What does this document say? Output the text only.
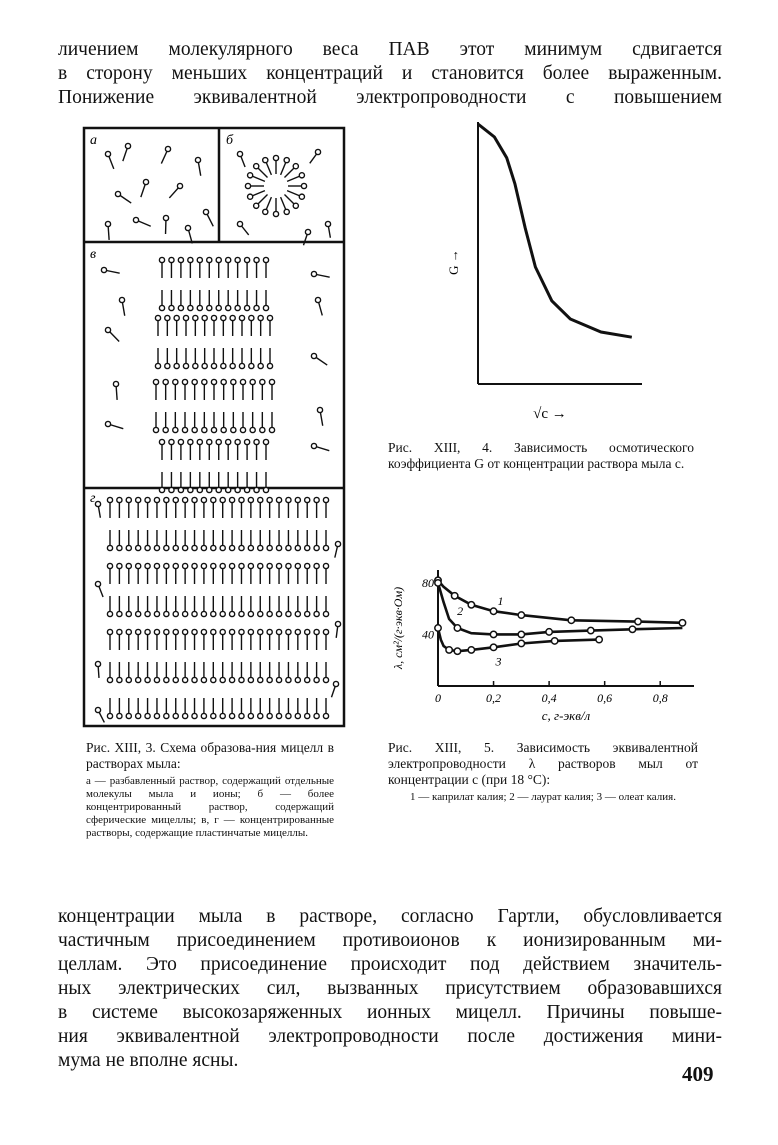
личением молекулярного веса ПАВ этот минимум сдвигается
в сторону меньших концентраций и становится более выраженным.
Понижение эквивалентной электропроводности с повышением
а	б
в
г
Рис. XIII, 3. Схема образова-ния мицелл в растворах мыла:
а — разбавленный раствор, содержащий отдельные молекулы мыла и ионы; б — более концентрированный раствор, содержащий сферические мицеллы; в, г — концентрированные растворы, содержащие пластинчатые мицеллы.
G →
√c →
Рис. XIII, 4. Зависимость осмотического коэффициента G от концентрации раствора мыла c.
0	0,2	0,4	0,6	0,8
40
80
1
2
3
λ, см²/(г·экв·Ом)
c, г-экв/л
Рис. XIII, 5. Зависимость эквивалентной электропроводности λ растворов мыл от концентрации c (при 18 °C):
1 — каприлат калия; 2 — лаурат калия; 3 — олеат калия.
концентрации мыла в растворе, согласно Гартли, обусловливается
частичным присоединением противоионов к ионизированным ми-
целлам. Это присоединение происходит под действием значитель-
ных электрических сил, вызванных присутствием образовавшихся
в системе высокозаряженных ионных мицелл. Причины повыше-
ния эквивалентной электропроводности после достижения мини-
мума не вполне ясны.
409
